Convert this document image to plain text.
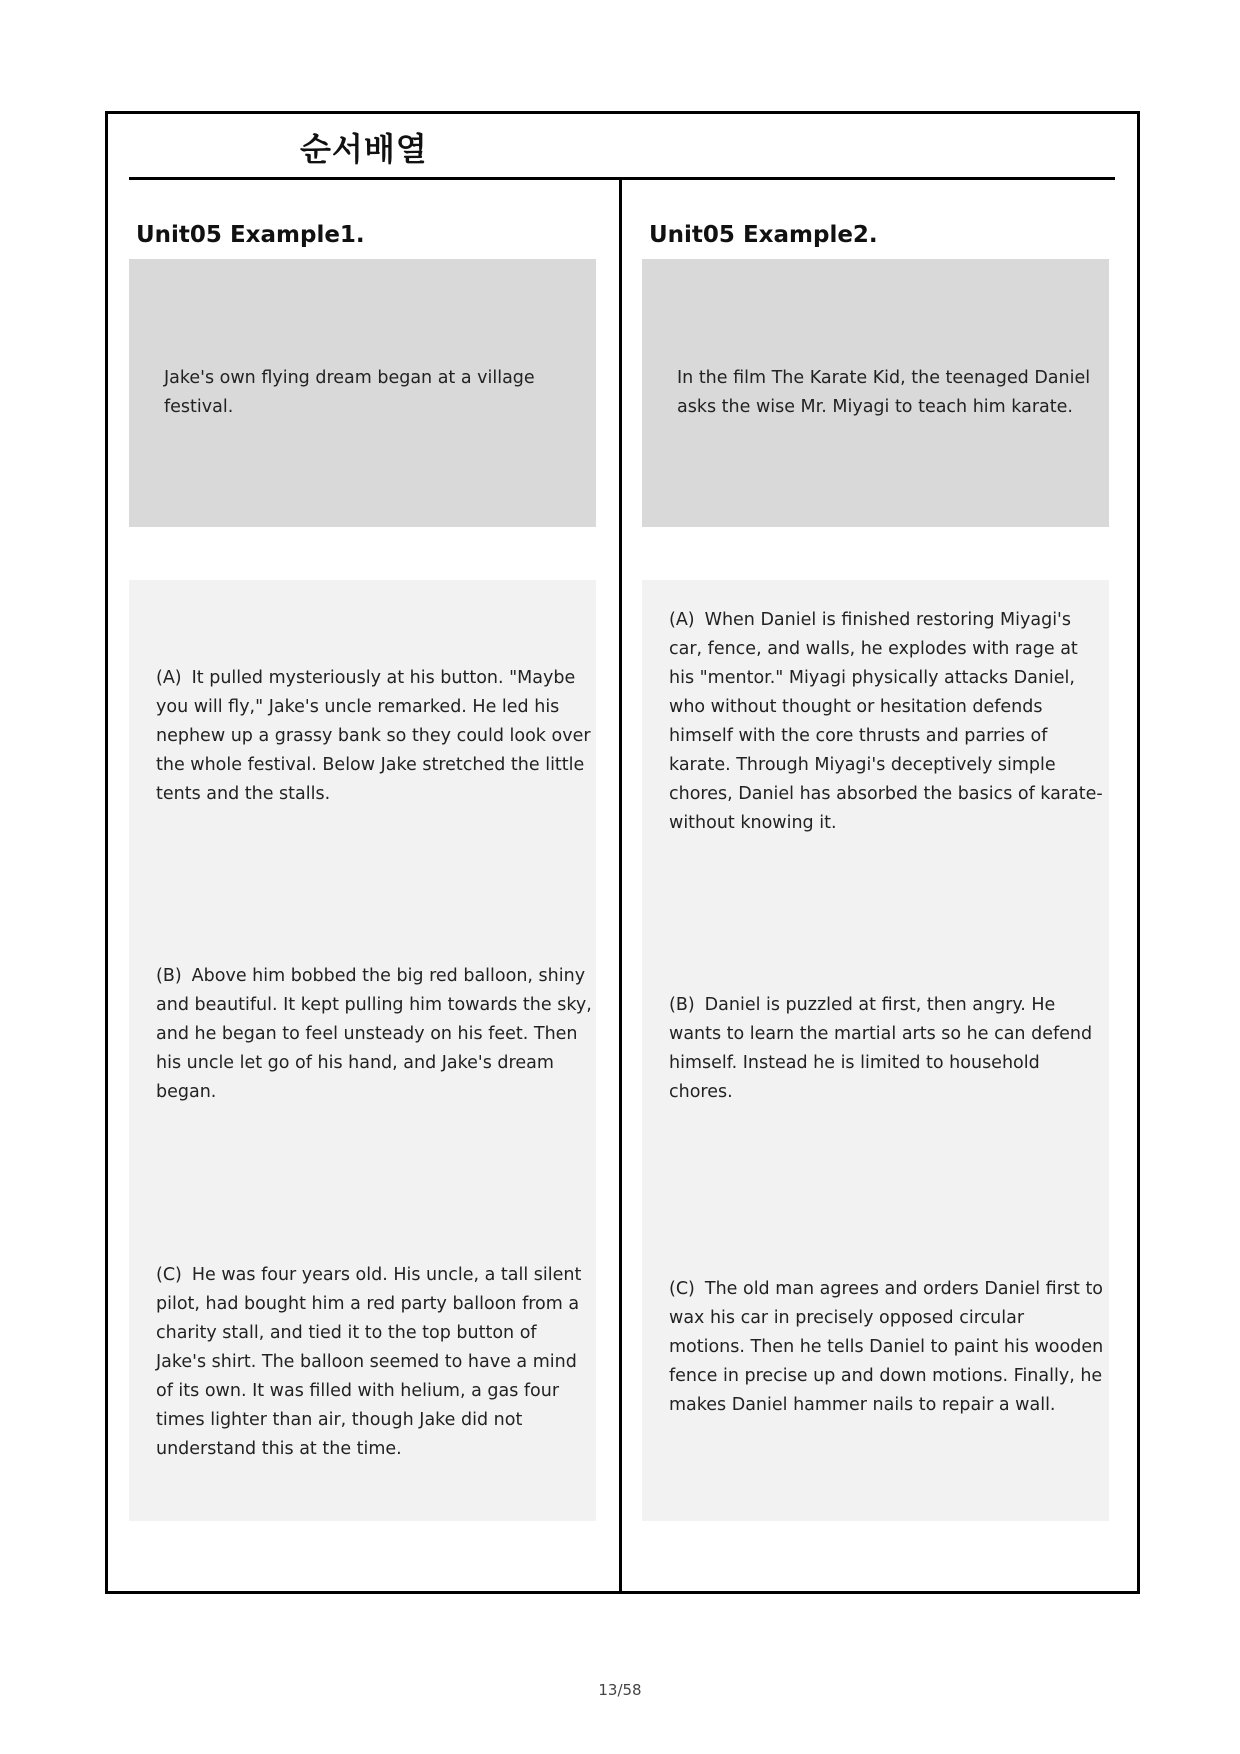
순서배열
Unit05 Example1.

Jake's own flying dream began at a village festival.

(A) It pulled mysteriously at his button. "Maybe you will fly," Jake's uncle remarked. He led his nephew up a grassy bank so they could look over the whole festival. Below Jake stretched the little tents and the stalls.

(B) Above him bobbed the big red balloon, shiny and beautiful. It kept pulling him towards the sky, and he began to feel unsteady on his feet. Then his uncle let go of his hand, and Jake's dream began.

(C) He was four years old. His uncle, a tall silent pilot, had bought him a red party balloon from a charity stall, and tied it to the top button of Jake's shirt. The balloon seemed to have a mind of its own. It was filled with helium, a gas four times lighter than air, though Jake did not understand this at the time.

Unit05 Example2.

In the film The Karate Kid, the teenaged Daniel asks the wise Mr. Miyagi to teach him karate.

(A) When Daniel is finished restoring Miyagi's car, fence, and walls, he explodes with rage at his "mentor." Miyagi physically attacks Daniel, who without thought or hesitation defends himself with the core thrusts and parries of karate. Through Miyagi's deceptively simple chores, Daniel has absorbed the basics of karate-without knowing it.

(B) Daniel is puzzled at first, then angry. He wants to learn the martial arts so he can defend himself. Instead he is limited to household chores.

(C) The old man agrees and orders Daniel first to wax his car in precisely opposed circular motions. Then he tells Daniel to paint his wooden fence in precise up and down motions. Finally, he makes Daniel hammer nails to repair a wall.

13/58
